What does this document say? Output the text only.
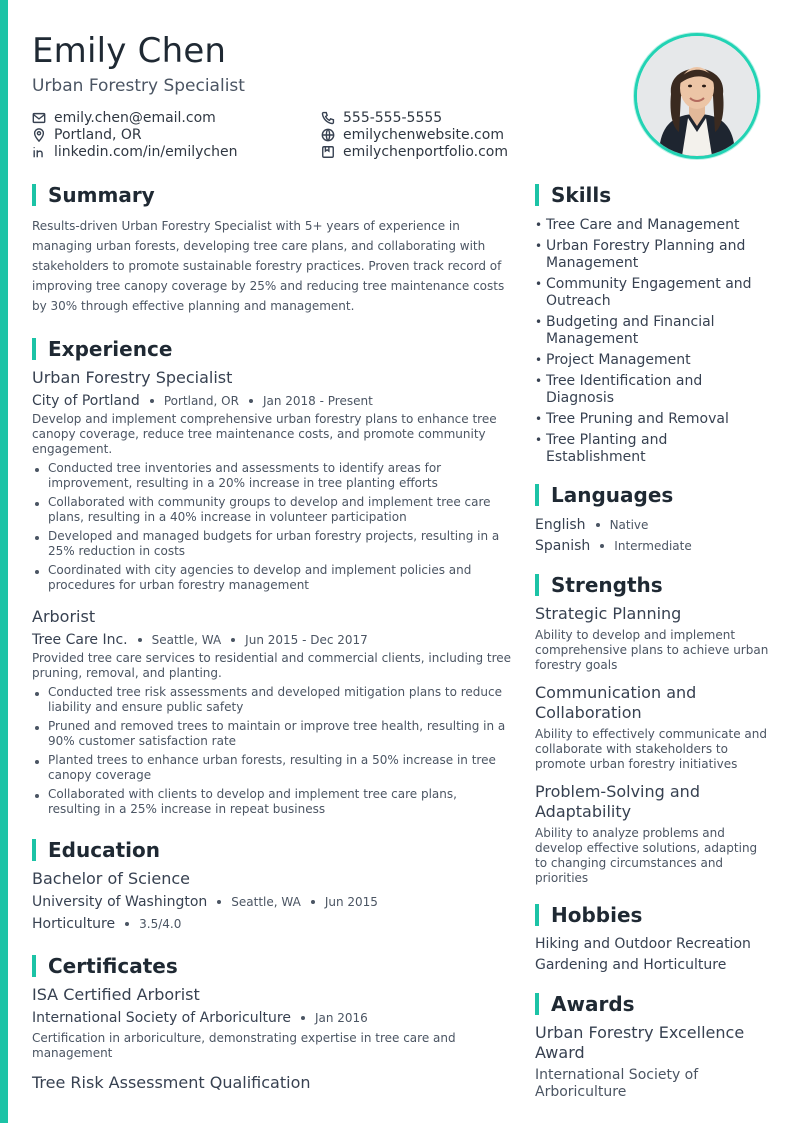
Emily Chen
Urban Forestry Specialist
emily.chen@email.com
Portland, OR
linkedin.com/in/emilychen
555-555-5555
emilychenwebsite.com
emilychenportfolio.com
Summary
Results-driven Urban Forestry Specialist with 5+ years of experience in managing urban forests, developing tree care plans, and collaborating with stakeholders to promote sustainable forestry practices. Proven track record of improving tree canopy coverage by 25% and reducing tree maintenance costs by 30% through effective planning and management.
Experience
Urban Forestry Specialist
City of Portland Portland, OR Jan 2018 - Present
Develop and implement comprehensive urban forestry plans to enhance tree canopy coverage, reduce tree maintenance costs, and promote community engagement.
Conducted tree inventories and assessments to identify areas for improvement, resulting in a 20% increase in tree planting efforts
Collaborated with community groups to develop and implement tree care plans, resulting in a 40% increase in volunteer participation
Developed and managed budgets for urban forestry projects, resulting in a 25% reduction in costs
Coordinated with city agencies to develop and implement policies and procedures for urban forestry management
Arborist
Tree Care Inc. Seattle, WA Jun 2015 - Dec 2017
Provided tree care services to residential and commercial clients, including tree pruning, removal, and planting.
Conducted tree risk assessments and developed mitigation plans to reduce liability and ensure public safety
Pruned and removed trees to maintain or improve tree health, resulting in a 90% customer satisfaction rate
Planted trees to enhance urban forests, resulting in a 50% increase in tree canopy coverage
Collaborated with clients to develop and implement tree care plans, resulting in a 25% increase in repeat business
Education
Bachelor of Science
University of Washington Seattle, WA Jun 2015
Horticulture 3.5/4.0
Certificates
ISA Certified Arborist
International Society of Arboriculture Jan 2016
Certification in arboriculture, demonstrating expertise in tree care and management
Tree Risk Assessment Qualification
Skills
• Tree Care and Management
• Urban Forestry Planning and Management
• Community Engagement and Outreach
• Budgeting and Financial Management
• Project Management
• Tree Identification and Diagnosis
• Tree Pruning and Removal
• Tree Planting and Establishment
Languages
English Native
Spanish Intermediate
Strengths
Strategic Planning
Ability to develop and implement comprehensive plans to achieve urban forestry goals
Communication and Collaboration
Ability to effectively communicate and collaborate with stakeholders to promote urban forestry initiatives
Problem-Solving and Adaptability
Ability to analyze problems and develop effective solutions, adapting to changing circumstances and priorities
Hobbies
Hiking and Outdoor Recreation
Gardening and Horticulture
Awards
Urban Forestry Excellence Award
International Society of Arboriculture
